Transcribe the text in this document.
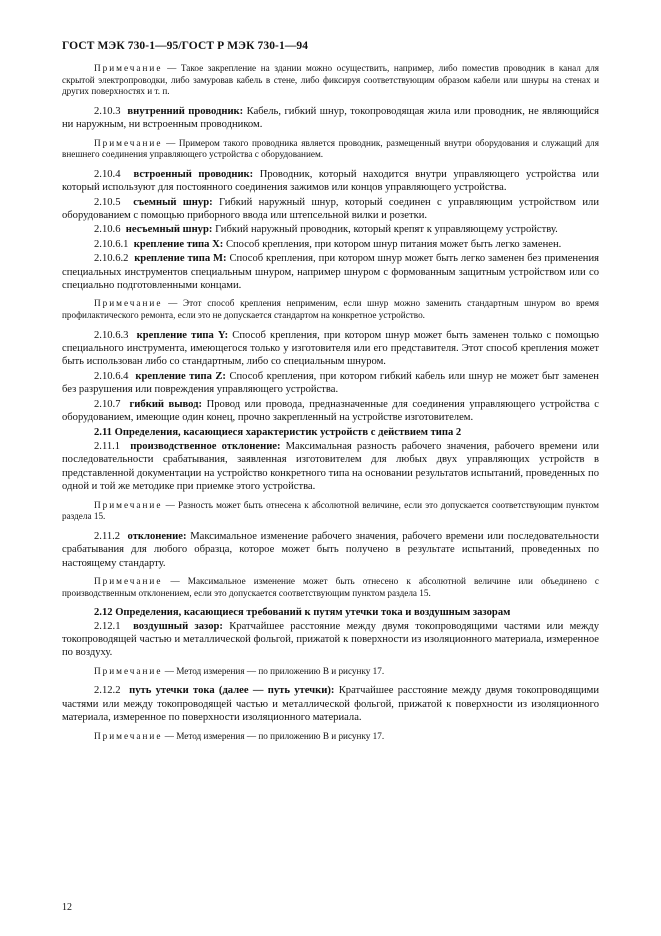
ГОСТ МЭК 730-1—95/ГОСТ Р МЭК 730-1—94

Примечание — Такое закрепление на здании можно осуществить, например, либо поместив проводник в канал для скрытой электропроводки, либо замуровав кабель в стене, либо фиксируя соответствующим образом кабели или шнуры на стенах и других поверхностях и т. п.

2.10.3 внутренний проводник: Кабель, гибкий шнур, токопроводящая жила или проводник, не являющийся ни наружным, ни встроенным проводником.

Примечание — Примером такого проводника является проводник, размещенный внутри оборудования и служащий для внешнего соединения управляющего устройства с оборудованием.

2.10.4 встроенный проводник: Проводник, который находится внутри управляющего устройства или который используют для постоянного соединения зажимов или концов управляющего устройства.

2.10.5 съемный шнур: Гибкий наружный шнур, который соединен с управляющим устройством или оборудованием с помощью приборного ввода или штепсельной вилки и розетки.

2.10.6 несъемный шнур: Гибкий наружный проводник, который крепят к управляющему устройству.

2.10.6.1 крепление типа X: Способ крепления, при котором шнур питания может быть легко заменен.

2.10.6.2 крепление типа M: Способ крепления, при котором шнур может быть легко заменен без применения специальных инструментов специальным шнуром, например шнуром с формованным защитным устройством или со специально подготовленными концами.

Примечание — Этот способ крепления неприменим, если шнур можно заменить стандартным шнуром во время профилактического ремонта, если это не допускается стандартом на конкретное устройство.

2.10.6.3 крепление типа Y: Способ крепления, при котором шнур может быть заменен только с помощью специального инструмента, имеющегося только у изготовителя или его представителя. Этот способ крепления может быть использован либо со стандартным, либо со специальным шнуром.

2.10.6.4 крепление типа Z: Способ крепления, при котором гибкий кабель или шнур не может быт заменен без разрушения или повреждения управляющего устройства.

2.10.7 гибкий вывод: Провод или провода, предназначенные для соединения управляющего устройства с оборудованием, имеющие один конец, прочно закрепленный на устройстве изготовителем.

2.11 Определения, касающиеся характеристик устройств с действием типа 2

2.11.1 производственное отклонение: Максимальная разность рабочего значения, рабочего времени или последовательности срабатывания, заявленная изготовителем для любых двух управляющих устройств в представленной документации на устройство конкретного типа на основании результатов испытаний, проведенных по одной и той же методике при приемке этого устройства.

Примечание — Разность может быть отнесена к абсолютной величине, если это допускается соответствующим пунктом раздела 15.

2.11.2 отклонение: Максимальное изменение рабочего значения, рабочего времени или последовательности срабатывания для любого образца, которое может быть получено в результате испытаний, проведенных по настоящему стандарту.

Примечание — Максимальное изменение может быть отнесено к абсолютной величине или объединено с производственным отклонением, если это допускается соответствующим пунктом раздела 15.

2.12 Определения, касающиеся требований к путям утечки тока и воздушным зазорам

2.12.1 воздушный зазор: Кратчайшее расстояние между двумя токопроводящими частями или между токопроводящей частью и металлической фольгой, прижатой к поверхности из изоляционного материала, измеренное по воздуху.

Примечание — Метод измерения — по приложению В и рисунку 17.

2.12.2 путь утечки тока (далее — путь утечки): Кратчайшее расстояние между двумя токопроводящими частями или между токопроводящей частью и металлической фольгой, прижатой к поверхности из изоляционного материала, измеренное по поверхности изоляционного материала.

Примечание — Метод измерения — по приложению В и рисунку 17.

12
